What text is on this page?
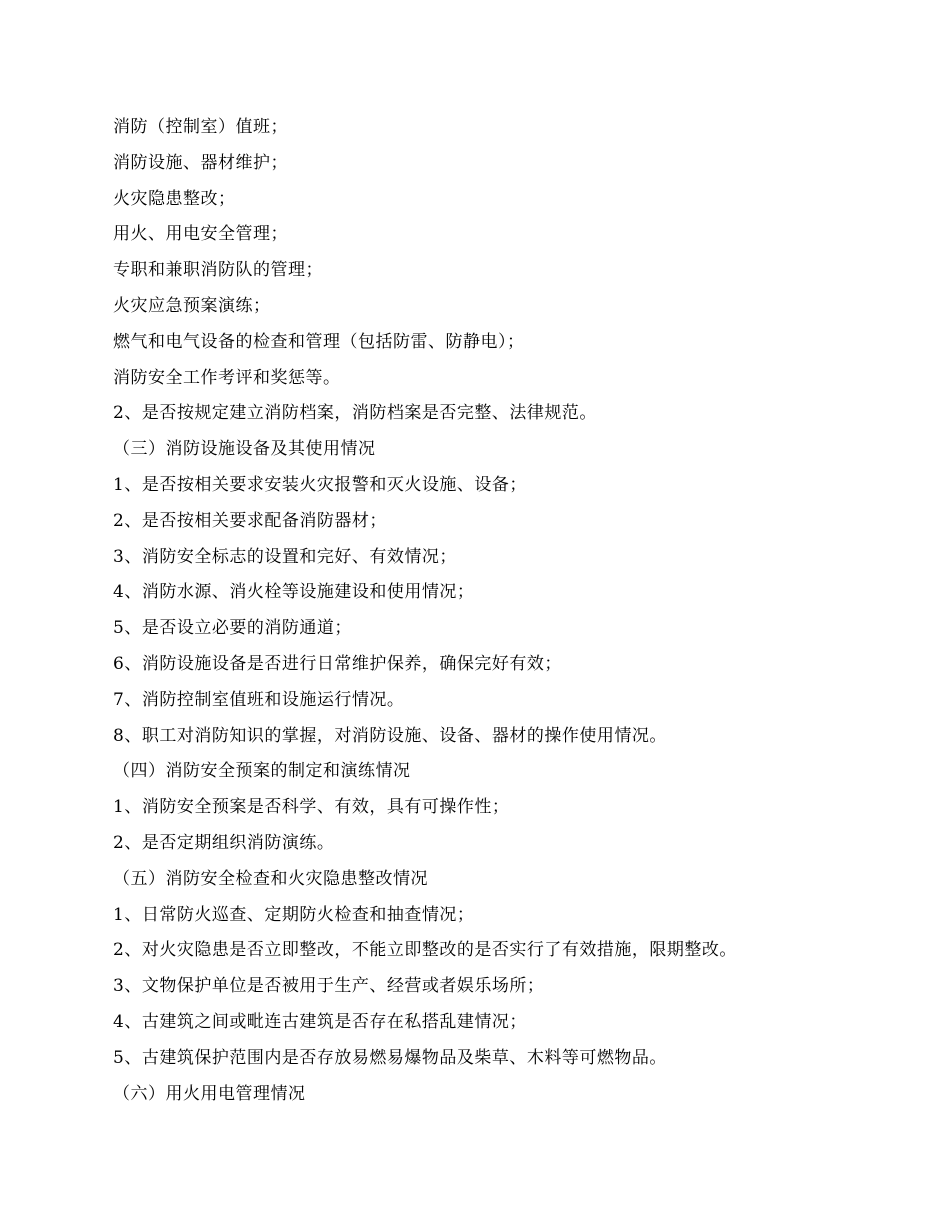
消防（控制室）值班；
消防设施、器材维护；
火灾隐患整改；
用火、用电安全管理；
专职和兼职消防队的管理；
火灾应急预案演练；
燃气和电气设备的检查和管理（包括防雷、防静电）；
消防安全工作考评和奖惩等。
2、是否按规定建立消防档案，消防档案是否完整、法律规范。
（三）消防设施设备及其使用情况
1、是否按相关要求安装火灾报警和灭火设施、设备；
2、是否按相关要求配备消防器材；
3、消防安全标志的设置和完好、有效情况；
4、消防水源、消火栓等设施建设和使用情况；
5、是否设立必要的消防通道；
6、消防设施设备是否进行日常维护保养，确保完好有效；
7、消防控制室值班和设施运行情况。
8、职工对消防知识的掌握，对消防设施、设备、器材的操作使用情况。
（四）消防安全预案的制定和演练情况
1、消防安全预案是否科学、有效，具有可操作性；
2、是否定期组织消防演练。
（五）消防安全检查和火灾隐患整改情况
1、日常防火巡查、定期防火检查和抽查情况；
2、对火灾隐患是否立即整改，不能立即整改的是否实行了有效措施，限期整改。
3、文物保护单位是否被用于生产、经营或者娱乐场所；
4、古建筑之间或毗连古建筑是否存在私搭乱建情况；
5、古建筑保护范围内是否存放易燃易爆物品及柴草、木料等可燃物品。
（六）用火用电管理情况
